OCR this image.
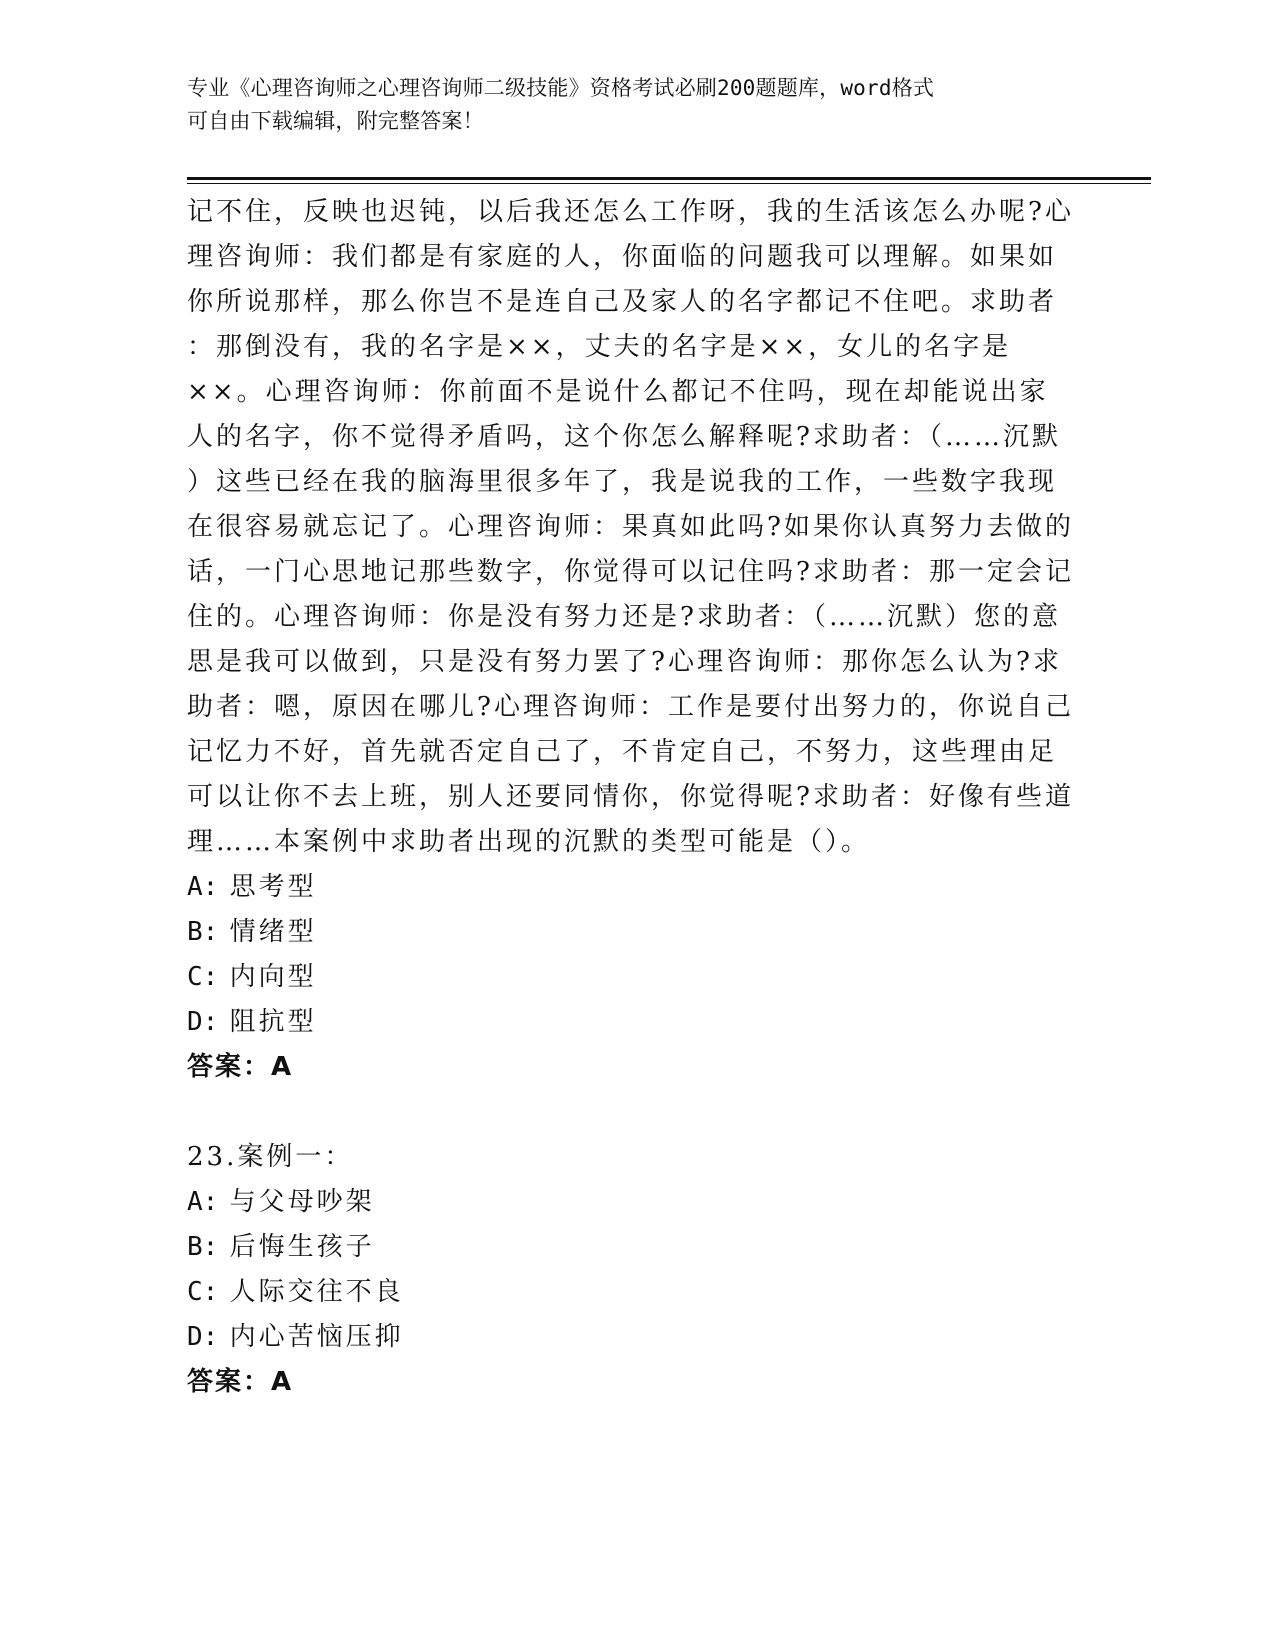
专业《心理咨询师之心理咨询师二级技能》资格考试必刷200题题库，word格式
可自由下载编辑，附完整答案！
记不住，反映也迟钝，以后我还怎么工作呀，我的生活该怎么办呢?心
理咨询师：我们都是有家庭的人，你面临的问题我可以理解。如果如
你所说那样，那么你岂不是连自己及家人的名字都记不住吧。求助者
：那倒没有，我的名字是××，丈夫的名字是××，女儿的名字是
××。心理咨询师：你前面不是说什么都记不住吗，现在却能说出家
人的名字，你不觉得矛盾吗，这个你怎么解释呢?求助者：（……沉默
）这些已经在我的脑海里很多年了，我是说我的工作，一些数字我现
在很容易就忘记了。心理咨询师：果真如此吗?如果你认真努力去做的
话，一门心思地记那些数字，你觉得可以记住吗?求助者：那一定会记
住的。心理咨询师：你是没有努力还是?求助者：（……沉默）您的意
思是我可以做到，只是没有努力罢了?心理咨询师：那你怎么认为?求
助者：嗯，原因在哪儿?心理咨询师：工作是要付出努力的，你说自己
记忆力不好，首先就否定自己了，不肯定自己，不努力，这些理由足
可以让你不去上班，别人还要同情你，你觉得呢?求助者：好像有些道
理……本案例中求助者出现的沉默的类型可能是（）。
A: 思考型
B: 情绪型
C: 内向型
D: 阻抗型
答案：A
23.案例一：
A: 与父母吵架
B: 后悔生孩子
C: 人际交往不良
D: 内心苦恼压抑
答案：A
